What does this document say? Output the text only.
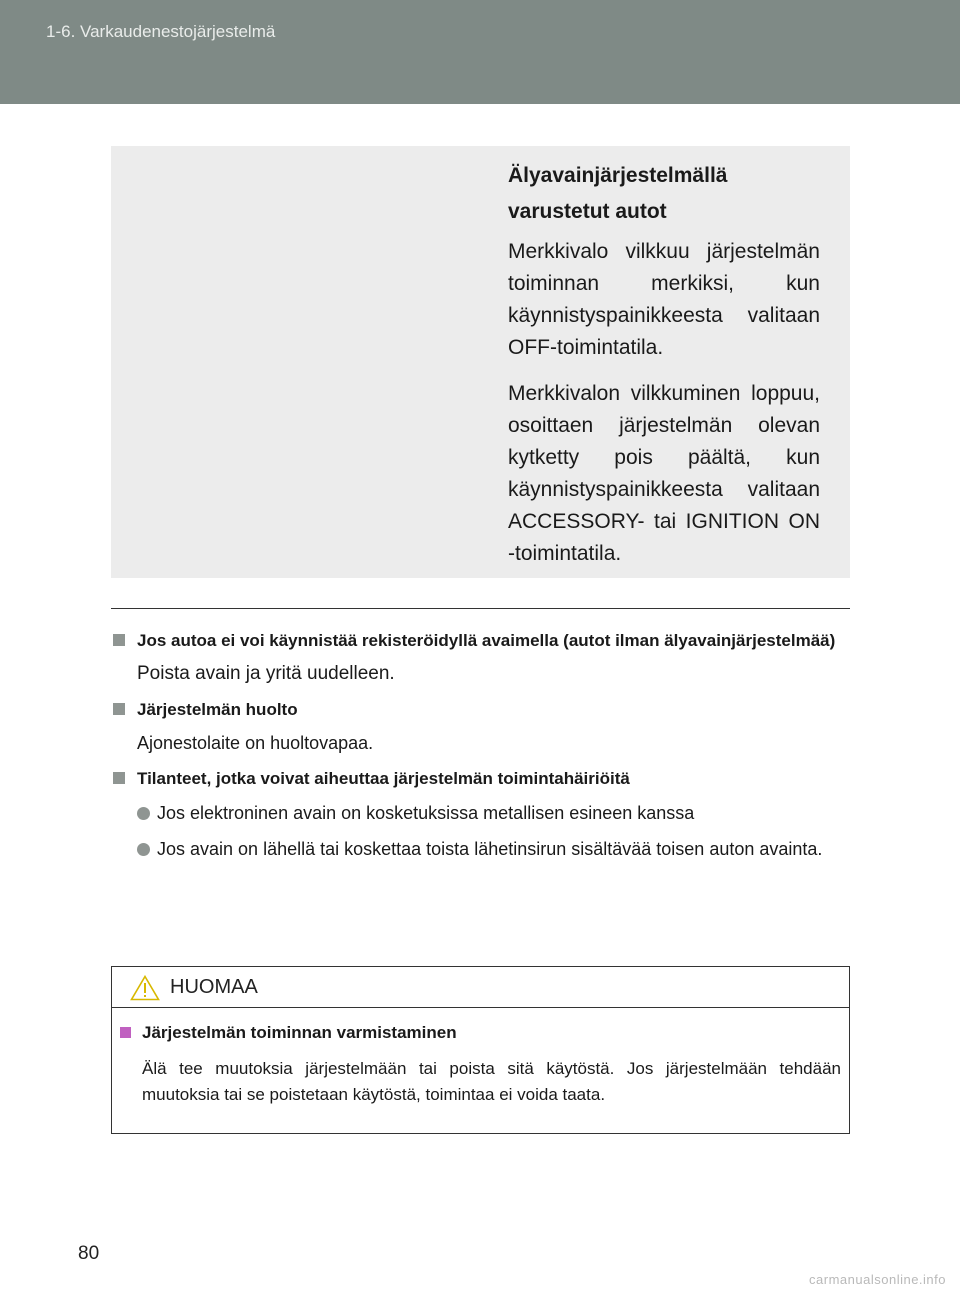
1-6. Varkaudenestojärjestelmä
Älyavainjärjestelmällä varustetut autot
Merkkivalo vilkkuu järjestelmän toiminnan merkiksi, kun käynnistyspainikkeesta valitaan OFF-toimintatila.
Merkkivalon vilkkuminen loppuu, osoittaen järjestelmän olevan kytketty pois päältä, kun käynnistyspainikkeesta valitaan ACCESSORY- tai IGNITION ON -toimintatila.
Jos autoa ei voi käynnistää rekisteröidyllä avaimella (autot ilman älyavainjärjestelmää)
Poista avain ja yritä uudelleen.
Järjestelmän huolto
Ajonestolaite on huoltovapaa.
Tilanteet, jotka voivat aiheuttaa järjestelmän toimintahäiriöitä
Jos elektroninen avain on kosketuksissa metallisen esineen kanssa
Jos avain on lähellä tai koskettaa toista lähetinsirun sisältävää toisen auton avainta.
HUOMAA
Järjestelmän toiminnan varmistaminen

Älä tee muutoksia järjestelmään tai poista sitä käytöstä. Jos järjestelmään tehdään muutoksia tai se poistetaan käytöstä, toimintaa ei voida taata.

80
carmanualsonline.info
